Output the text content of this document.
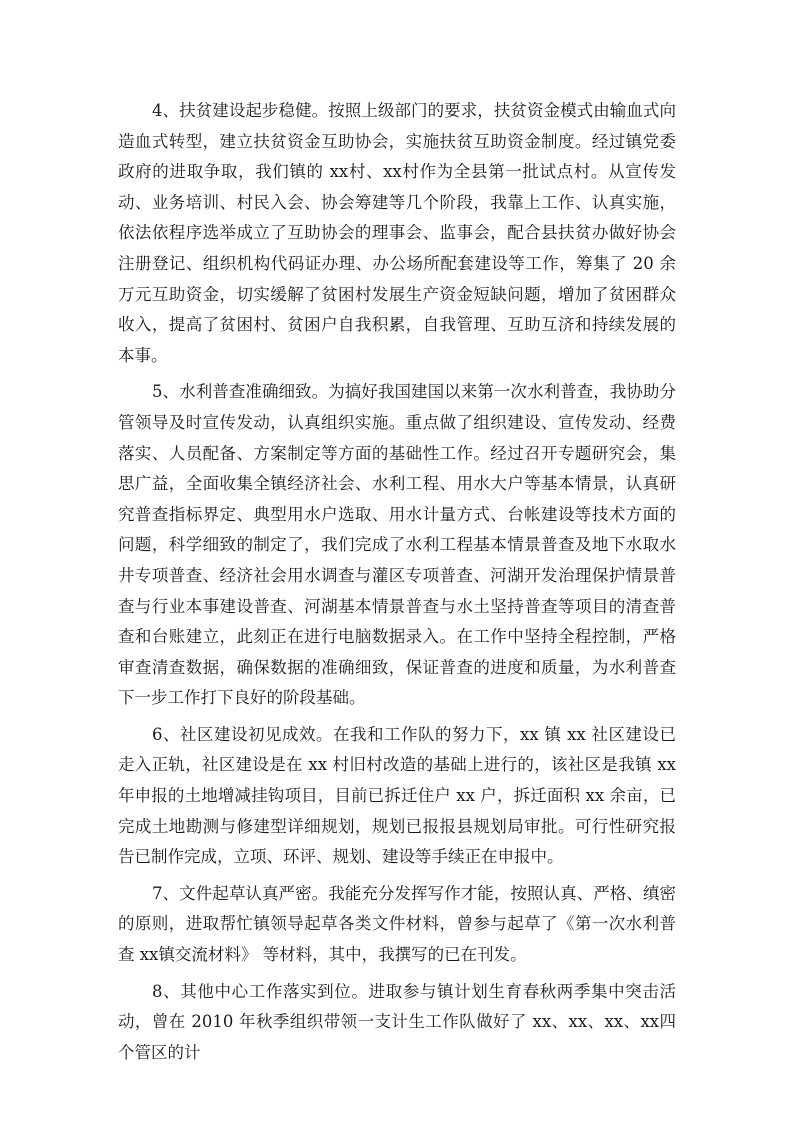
4、扶贫建设起步稳健。按照上级部门的要求，扶贫资金模式由输血式向造血式转型，建立扶贫资金互助协会，实施扶贫互助资金制度。经过镇党委政府的进取争取，我们镇的 xx村、xx村作为全县第一批试点村。从宣传发动、业务培训、村民入会、协会筹建等几个阶段，我靠上工作、认真实施，依法依程序选举成立了互助协会的理事会、监事会，配合县扶贫办做好协会注册登记、组织机构代码证办理、办公场所配套建设等工作，筹集了 20 余万元互助资金，切实缓解了贫困村发展生产资金短缺问题，增加了贫困群众收入，提高了贫困村、贫困户自我积累，自我管理、互助互济和持续发展的本事。

5、水利普查准确细致。为搞好我国建国以来第一次水利普查，我协助分管领导及时宣传发动，认真组织实施。重点做了组织建设、宣传发动、经费落实、人员配备、方案制定等方面的基础性工作。经过召开专题研究会，集思广益，全面收集全镇经济社会、水利工程、用水大户等基本情景，认真研究普查指标界定、典型用水户选取、用水计量方式、台帐建设等技术方面的问题，科学细致的制定了，我们完成了水利工程基本情景普查及地下水取水井专项普查、经济社会用水调查与灌区专项普查、河湖开发治理保护情景普查与行业本事建设普查、河湖基本情景普查与水土坚持普查等项目的清查普查和台账建立，此刻正在进行电脑数据录入。在工作中坚持全程控制，严格审查清查数据，确保数据的准确细致，保证普查的进度和质量，为水利普查下一步工作打下良好的阶段基础。

6、社区建设初见成效。在我和工作队的努力下，xx 镇 xx 社区建设已走入正轨，社区建设是在 xx 村旧村改造的基础上进行的，该社区是我镇 xx 年申报的土地增减挂钩项目，目前已拆迁住户 xx 户，拆迁面积 xx 余亩，已完成土地勘测与修建型详细规划，规划已报报县规划局审批。可行性研究报告已制作完成，立项、环评、规划、建设等手续正在申报中。

7、文件起草认真严密。我能充分发挥写作才能，按照认真、严格、缜密的原则，进取帮忙镇领导起草各类文件材料，曾参与起草了《第一次水利普查 xx镇交流材料》 等材料，其中，我撰写的已在刊发。

8、其他中心工作落实到位。进取参与镇计划生育春秋两季集中突击活动，曾在 2010 年秋季组织带领一支计生工作队做好了 xx、xx、xx、xx四个管区的计
